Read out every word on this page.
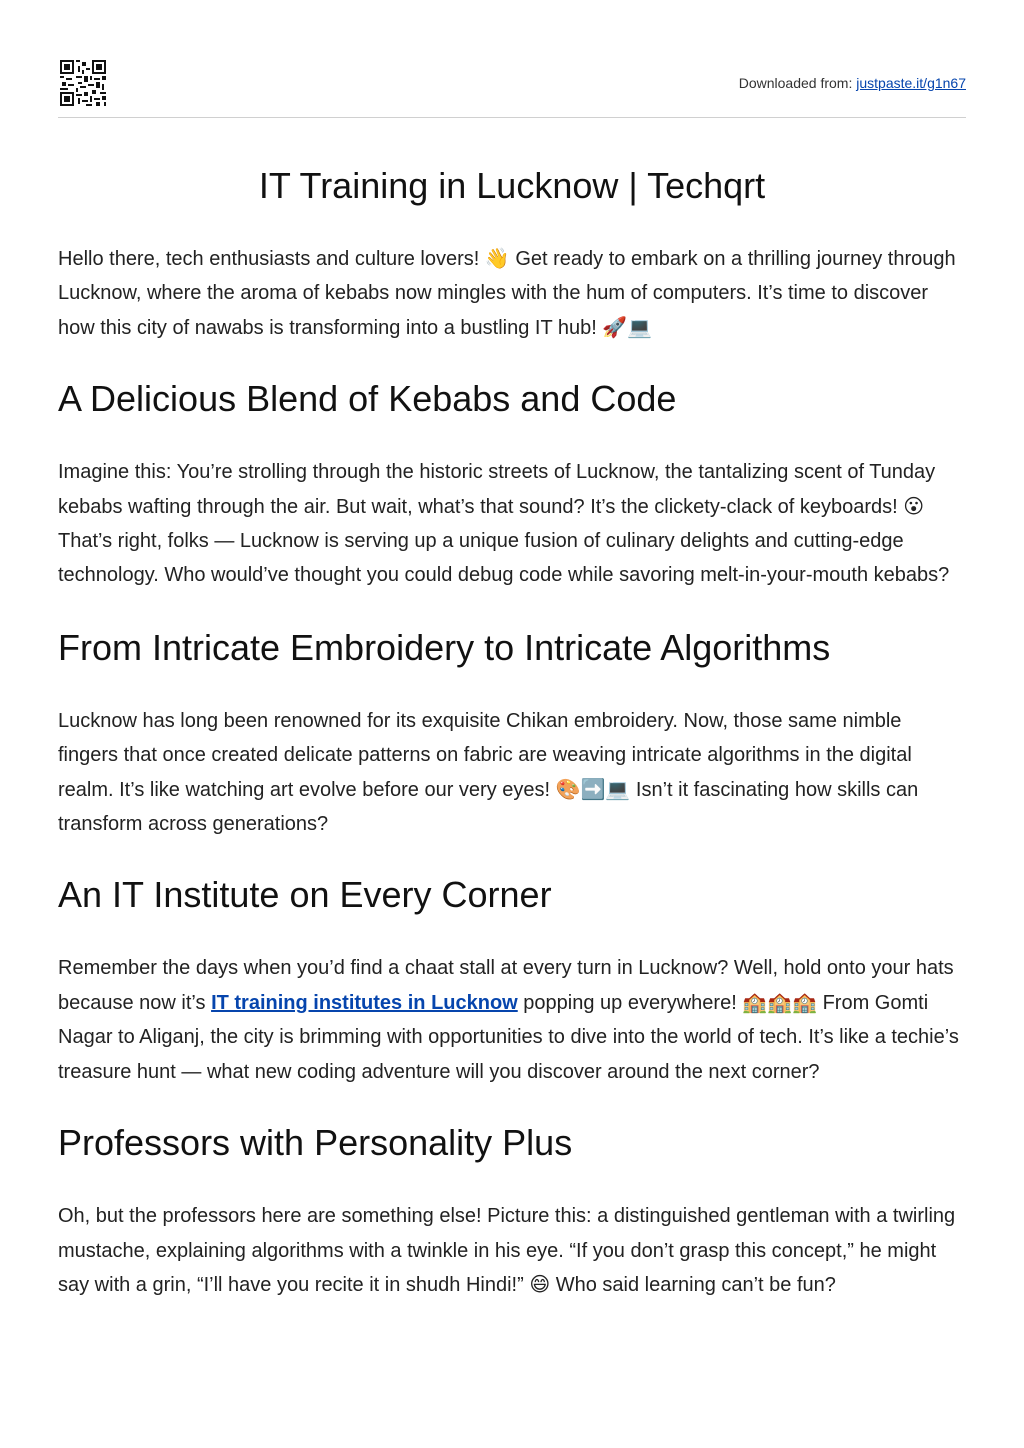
Downloaded from: justpaste.it/g1n67
IT Training in Lucknow | Techqrt

Hello there, tech enthusiasts and culture lovers! 👋 Get ready to embark on a thrilling journey through Lucknow, where the aroma of kebabs now mingles with the hum of computers. It’s time to discover how this city of nawabs is transforming into a bustling IT hub! 🚀💻

A Delicious Blend of Kebabs and Code

Imagine this: You’re strolling through the historic streets of Lucknow, the tantalizing scent of Tunday kebabs wafting through the air. But wait, what’s that sound? It’s the clickety-clack of keyboards! 😮 That’s right, folks — Lucknow is serving up a unique fusion of culinary delights and cutting-edge technology. Who would’ve thought you could debug code while savoring melt-in-your-mouth kebabs?

From Intricate Embroidery to Intricate Algorithms

Lucknow has long been renowned for its exquisite Chikan embroidery. Now, those same nimble fingers that once created delicate patterns on fabric are weaving intricate algorithms in the digital realm. It’s like watching art evolve before our very eyes! 🎨➡️💻 Isn’t it fascinating how skills can transform across generations?

An IT Institute on Every Corner

Remember the days when you’d find a chaat stall at every turn in Lucknow? Well, hold onto your hats because now it’s IT training institutes in Lucknow popping up everywhere! 🏫🏫🏫 From Gomti Nagar to Aliganj, the city is brimming with opportunities to dive into the world of tech. It’s like a techie’s treasure hunt — what new coding adventure will you discover around the next corner?

Professors with Personality Plus

Oh, but the professors here are something else! Picture this: a distinguished gentleman with a twirling mustache, explaining algorithms with a twinkle in his eye. “If you don’t grasp this concept,” he might say with a grin, “I’ll have you recite it in shudh Hindi!” 😄 Who said learning can’t be fun?
